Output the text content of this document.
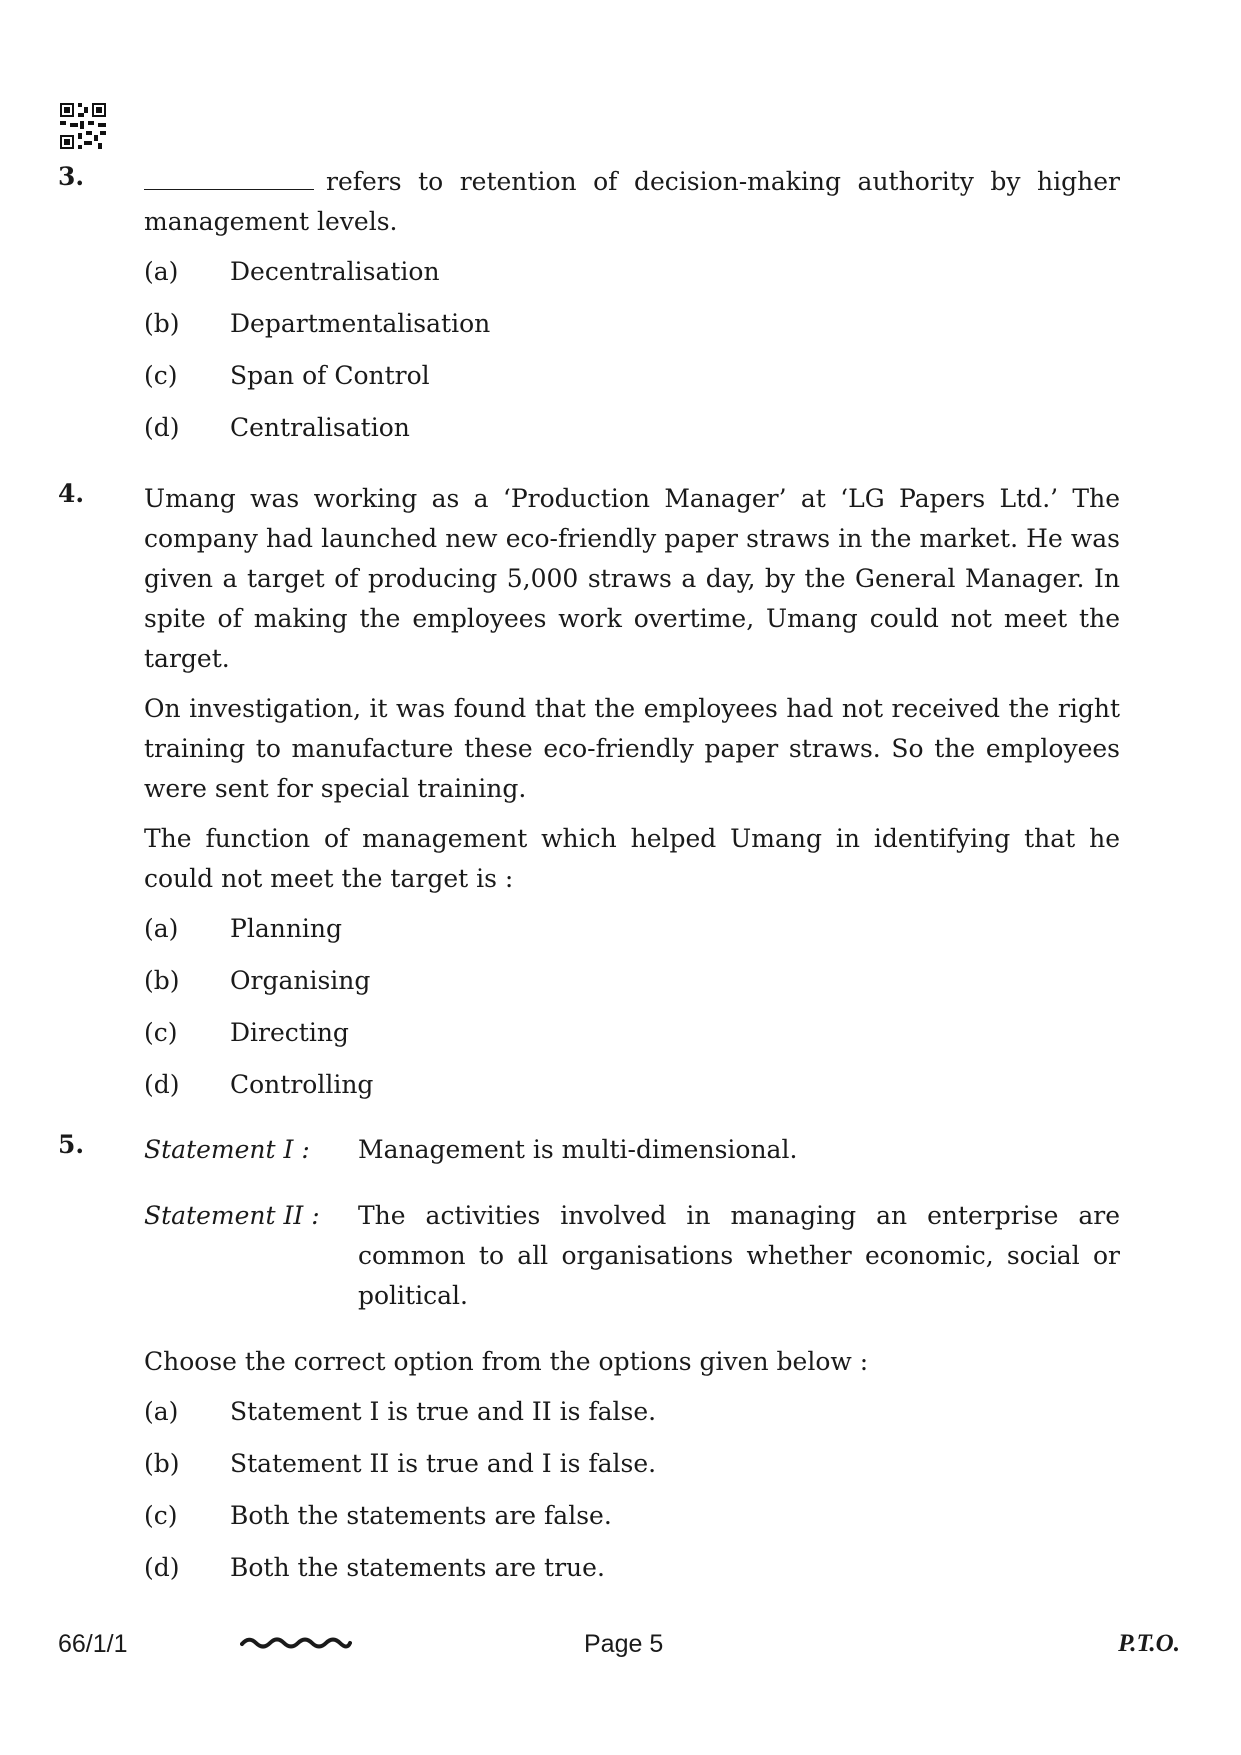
3.	refers to retention of decision-making authority by higher management levels.

(a)	Decentralisation
(b)	Departmentalisation
(c)	Span of Control
(d)	Centralisation
4. Umang was working as a ‘Production Manager’ at ‘LG Papers Ltd.’ The company had launched new eco-friendly paper straws in the market. He was given a target of producing 5,000 straws a day, by the General Manager. In spite of making the employees work overtime, Umang could not meet the target.

On investigation, it was found that the employees had not received the right training to manufacture these eco-friendly paper straws. So the employees were sent for special training.

The function of management which helped Umang in identifying that he could not meet the target is :

(a)	Planning
(b)	Organising
(c)	Directing
(d)	Controlling
5. Statement I :	Management is multi-dimensional.
Statement II :	The activities involved in managing an enterprise are common to all organisations whether economic, social or political.

Choose the correct option from the options given below :

(a)	Statement I is true and II is false.
(b)	Statement II is true and I is false.
(c)	Both the statements are false.
(d)	Both the statements are true.
66/1/1	Page 5	P.T.O.
